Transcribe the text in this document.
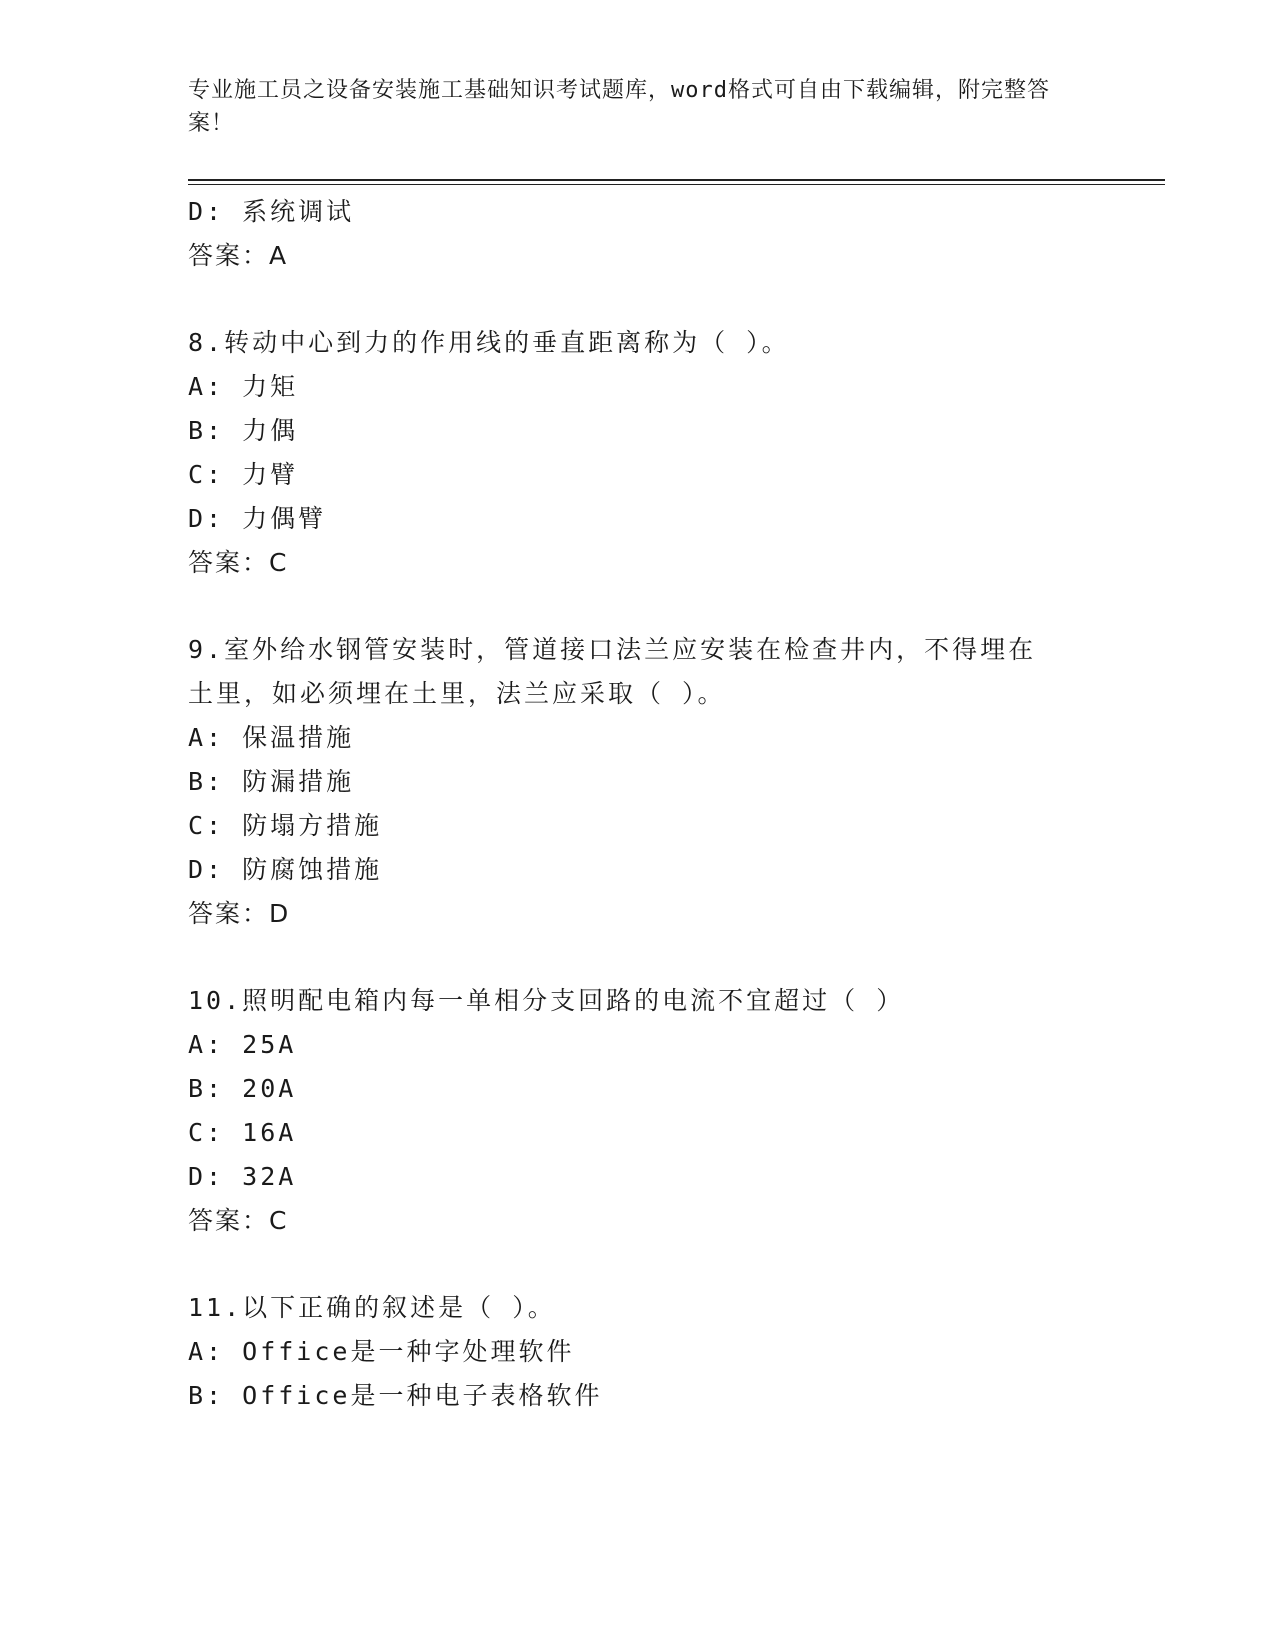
专业施工员之设备安装施工基础知识考试题库，word格式可自由下载编辑，附完整答案！
D: 系统调试
答案：A
8.转动中心到力的作用线的垂直距离称为（ ）。
A: 力矩
B: 力偶
C: 力臂
D: 力偶臂
答案：C
9.室外给水钢管安装时，管道接口法兰应安装在检查井内，不得埋在
土里，如必须埋在土里，法兰应采取（ ）。
A: 保温措施
B: 防漏措施
C: 防塌方措施
D: 防腐蚀措施
答案：D
10.照明配电箱内每一单相分支回路的电流不宜超过（ ）
A: 25A
B: 20A
C: 16A
D: 32A
答案：C
11.以下正确的叙述是（ ）。
A: Office是一种字处理软件
B: Office是一种电子表格软件
